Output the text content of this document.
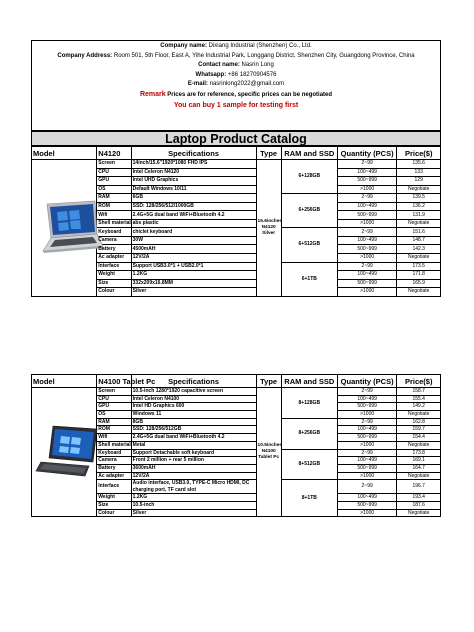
Company name: Dixiang Industrial (Shenzhen) Co., Ltd.
Company Address: Room 501, 5th Floor, East A, Yihe Industrial Park, Longgang District, Shenzhen City, Guangdong Province, China
Contact name: Nasrin Long
Whatsapp: +86 18270904576
E-mail: nasrinlong2022@gmail.com
Remark Prices are for reference, specific prices can be negotiated
You can buy 1 sample for testing first
Laptop Product Catalog
Model	N4120	Specifications	Type	RAM and SSD	Quantity (PCS)	Price($)

	Screen	14inch/15.6"1920*1080 FHD IPS	15.6inches N4120 Silver	6+128GB	2~99	135.6
	CPU	Intel Celeron N4120			100~499	133
	GPU	Intel UHD Graphics			500~999	129
	OS	Default Windows 10/11			>1000	Negotiate
	RAM	6GB		6+256GB	2~99	139.5
	ROM	SSD: 128/256/512/1000GB			100~499	136.2
	Wifi	2.4G+5G dual band WiFi+Bluetooth 4.2			500~999	131.9
	Shell material	abs plastic			>1000	Negotiate
	Keyboard	chiclet keyboard		6+512GB	2~99	151.6
	Camera	30W			100~499	148.7
	Battery	4500mAH			500~999	142.3
	Ac adapter	12V/2A			>1000	Negotiate
	Interface	Support USB3.0*1 + USB2.0*1		6+1TB	2~99	173.5
	Weight	1.2KG			100~499	171.8
	Size	332x209x16.8MM			500~999	165.9
	Colour	Silver			>1000	Negotiate
Model	N4100 Tablet Pc	Specifications	Type	RAM and SSD	Quantity (PCS)	Price($)

	Screen	10.5-inch 1280*1920 capacitive screen	10.5inches N4100 Tablet Pc	8+128GB	2~99	158.7
	CPU	Intel Celeron N4100			100~499	155.4
	GPU	Intel HD Graphics 600			500~999	149.2
	OS	Windows 11			>1000	Negotiate
	RAM	8GB		8+256GB	2~99	162.8
	ROM	SSD: 128/256/512GB			100~499	159.7
	Wifi	2.4G+5G dual band WiFi+Bluetooth 4.2			500~999	154.4
	Shell material	Metal			>1000	Negotiate
	Keyboard	Support Detachable soft keyboard		8+512GB	2~99	173.8
	Camera	Front 2 million + rear 5 million			100~499	169.1
	Battery	3600mAH			500~999	164.7
	Ac adapter	12V/2A			>1000	Negotiate
	Interface	Audio interface, USB3.0, TYPE-C Micro HDMI, DC charging port, TF card slot		8+1TB	2~99	196.7
	Weight	1.2KG			100~499	193.4
	Size	10.5-inch			500~999	187.6
	Colour	Silver			>1000	Negotiate
